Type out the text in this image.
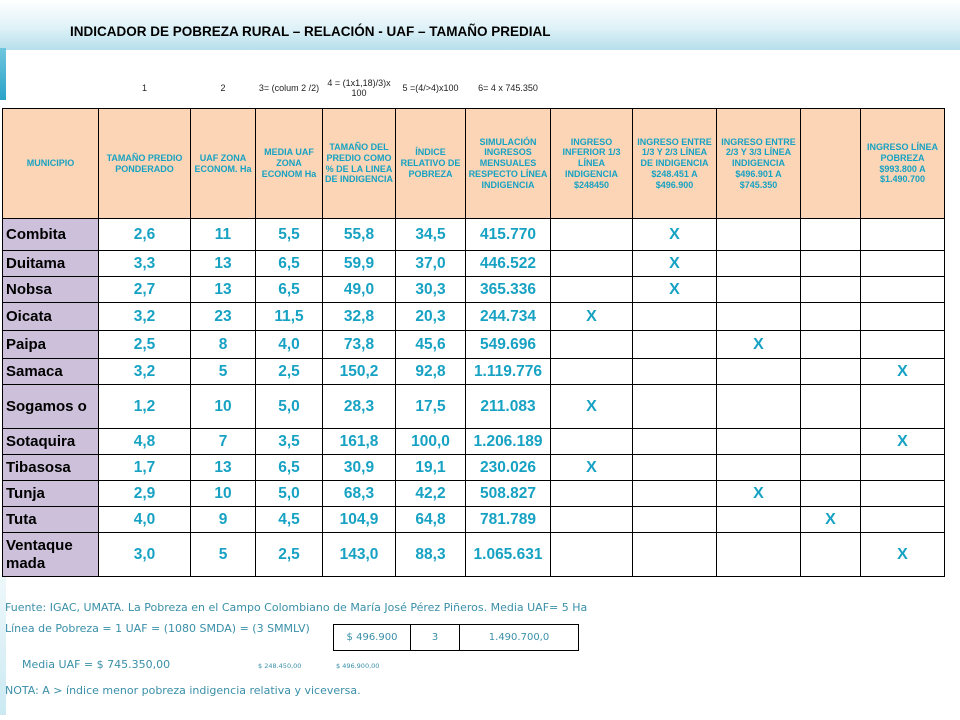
INDICADOR DE POBREZA RURAL – RELACIÓN - UAF – TAMAÑO PREDIAL
	1	2	3= (colum 2 /2)	4 = (1x1,18)/3)x 100	5 =(4/>4)x100	6= 4 x 745.350					
MUNICIPIO	TAMAÑO PREDIO PONDERADO	UAF ZONA ECONOM. Ha	MEDIA UAF ZONA ECONOM Ha	TAMAÑO DEL PREDIO COMO % DE LA LINEA DE INDIGENCIA	ÍNDICE RELATIVO DE POBREZA	SIMULACIÓN INGRESOS MENSUALES RESPECTO LÍNEA INDIGENCIA	INGRESO INFERIOR 1/3 LÍNEA INDIGENCIA $248450	INGRESO ENTRE 1/3 Y 2/3 LÍNEA DE INDIGENCIA $248.451 A $496.900	INGRESO ENTRE 2/3 Y 3/3 LÍNEA INDIGENCIA $496.901 A $745.350		INGRESO LÍNEA POBREZA $993.800 A $1.490.700
Combita	2,6	11	5,5	55,8	34,5	415.770		X			
Duitama	3,3	13	6,5	59,9	37,0	446.522		X			
Nobsa	2,7	13	6,5	49,0	30,3	365.336		X			
Oicata	3,2	23	11,5	32,8	20,3	244.734	X				
Paipa	2,5	8	4,0	73,8	45,6	549.696			X		
Samaca	3,2	5	2,5	150,2	92,8	1.119.776					X
Sogamos o	1,2	10	5,0	28,3	17,5	211.083	X				
Sotaquira	4,8	7	3,5	161,8	100,0	1.206.189					X
Tibasosa	1,7	13	6,5	30,9	19,1	230.026	X				
Tunja	2,9	10	5,0	68,3	42,2	508.827			X		
Tuta	4,0	9	4,5	104,9	64,8	781.789				X	
Ventaque mada	3,0	5	2,5	143,0	88,3	1.065.631					X
Fuente: IGAC, UMATA. La Pobreza en el Campo Colombiano de María José Pérez Piñeros. Media UAF= 5 Ha
Línea de Pobreza = 1 UAF = (1080 SMDA) = (3 SMMLV)
$ 496.900	3	1.490.700,0
Media UAF = $ 745.350,00	$ 248.450,00	$ 496.900,00
NOTA: A > índice menor pobreza indigencia relativa y viceversa.
